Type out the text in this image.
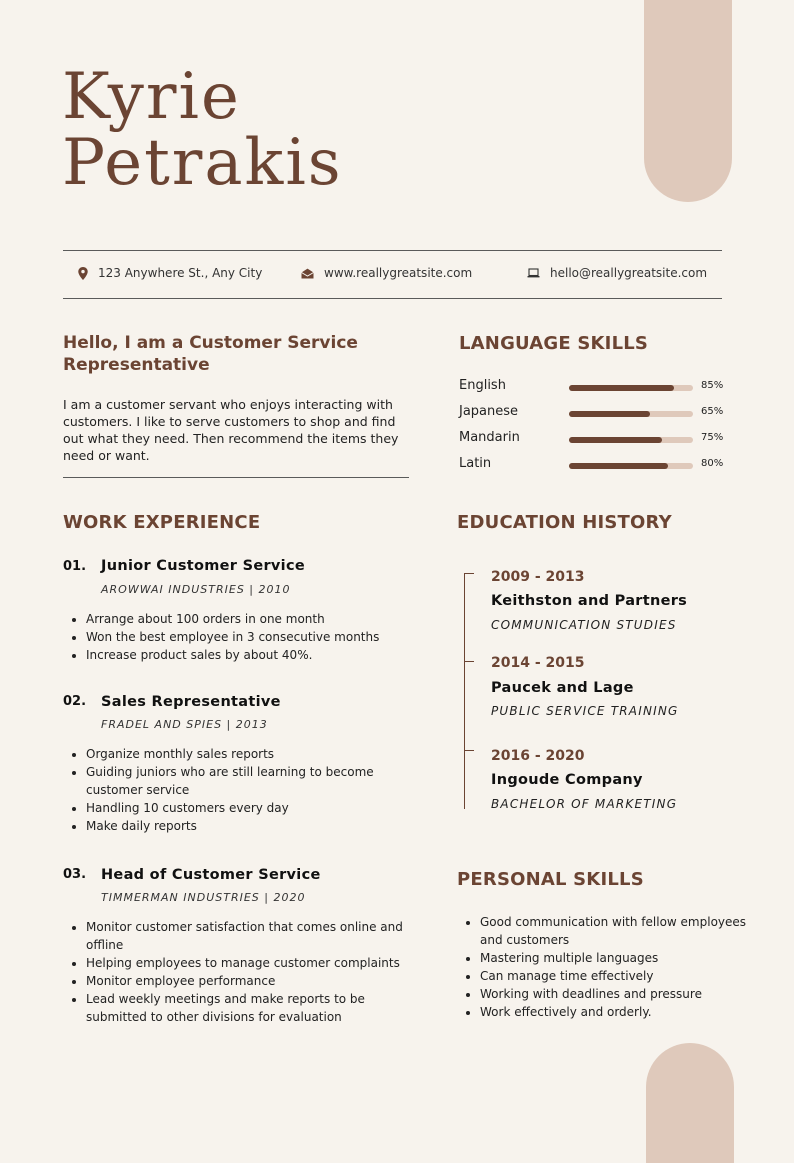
Kyrie
Petrakis
123 Anywhere St., Any City	www.reallygreatsite.com	hello@reallygreatsite.com
Hello, I am a Customer Service Representative

I am a customer servant who enjoys interacting with customers. I like to serve customers to shop and find out what they need. Then recommend the items they need or want.

LANGUAGE SKILLS
English	85%
Japanese	65%
Mandarin	75%
Latin	80%
WORK EXPERIENCE
01. Junior Customer Service
AROWWAI INDUSTRIES | 2010
• Arrange about 100 orders in one month
• Won the best employee in 3 consecutive months
• Increase product sales by about 40%.
02. Sales Representative
FRADEL AND SPIES | 2013
• Organize monthly sales reports
• Guiding juniors who are still learning to become customer service
• Handling 10 customers every day
• Make daily reports
03. Head of Customer Service
TIMMERMAN INDUSTRIES | 2020
• Monitor customer satisfaction that comes online and offline
• Helping employees to manage customer complaints
• Monitor employee performance
• Lead weekly meetings and make reports to be submitted to other divisions for evaluation
EDUCATION HISTORY
2009 - 2013
Keithston and Partners
COMMUNICATION STUDIES
2014 - 2015
Paucek and Lage
PUBLIC SERVICE TRAINING
2016 - 2020
Ingoude Company
BACHELOR OF MARKETING
PERSONAL SKILLS
• Good communication with fellow employees and customers
• Mastering multiple languages
• Can manage time effectively
• Working with deadlines and pressure
• Work effectively and orderly.
